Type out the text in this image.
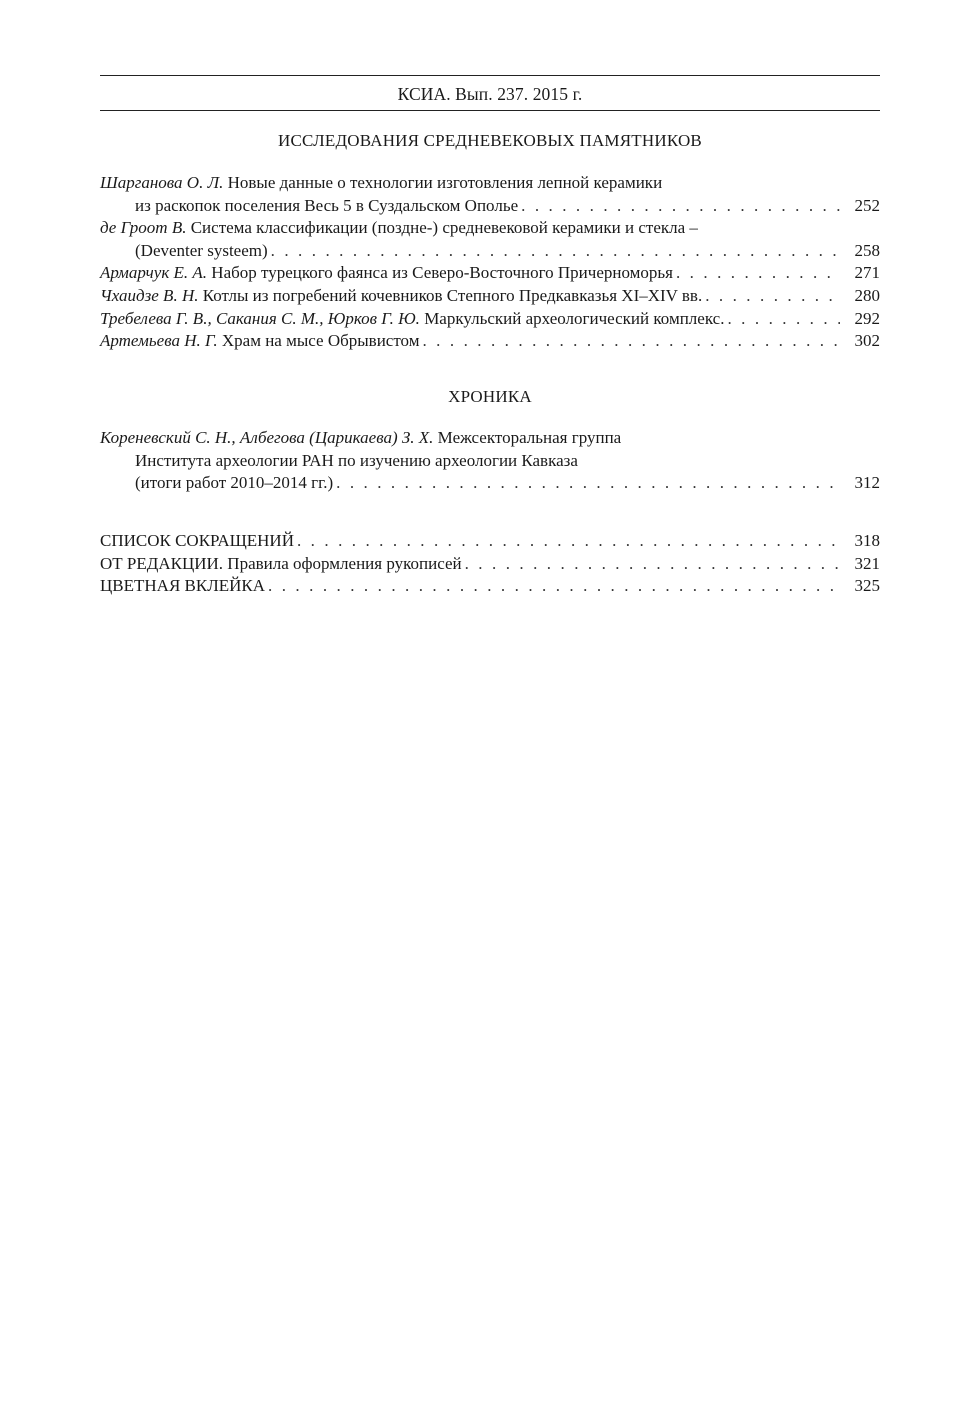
КСИА. Вып. 237. 2015 г.
ИССЛЕДОВАНИЯ СРЕДНЕВЕКОВЫХ ПАМЯТНИКОВ
Шарганова О. Л. Новые данные о технологии изготовления лепной керамики
из раскопок поселения Весь 5 в Суздальском Ополье . . .	252
де Гроот В. Система классификации (поздне-) средневековой керамики и стекла –
(Deventer systeem) . . .	258
Армарчук Е. А. Набор турецкого фаянса из Северо-Восточного Причерноморья . . .	271
Чхаидзе В. Н. Котлы из погребений кочевников Степного Предкавказья XI–XIV вв. . . .	280
Требелева Г. В., Сакания С. М., Юрков Г. Ю. Маркульский археологический комплекс. . . .	292
Артемьева Н. Г. Храм на мысе Обрывистом . . .	302
ХРОНИКА
Кореневский С. Н., Албегова (Царикаева) З. Х. Межсекторальная группа
Института археологии РАН по изучению археологии Кавказа
(итоги работ 2010–2014 гг.) . . .	312
СПИСОК СОКРАЩЕНИЙ . . .	318
ОТ РЕДАКЦИИ. Правила оформления рукописей . . .	321
ЦВЕТНАЯ ВКЛЕЙКА . . .	325
